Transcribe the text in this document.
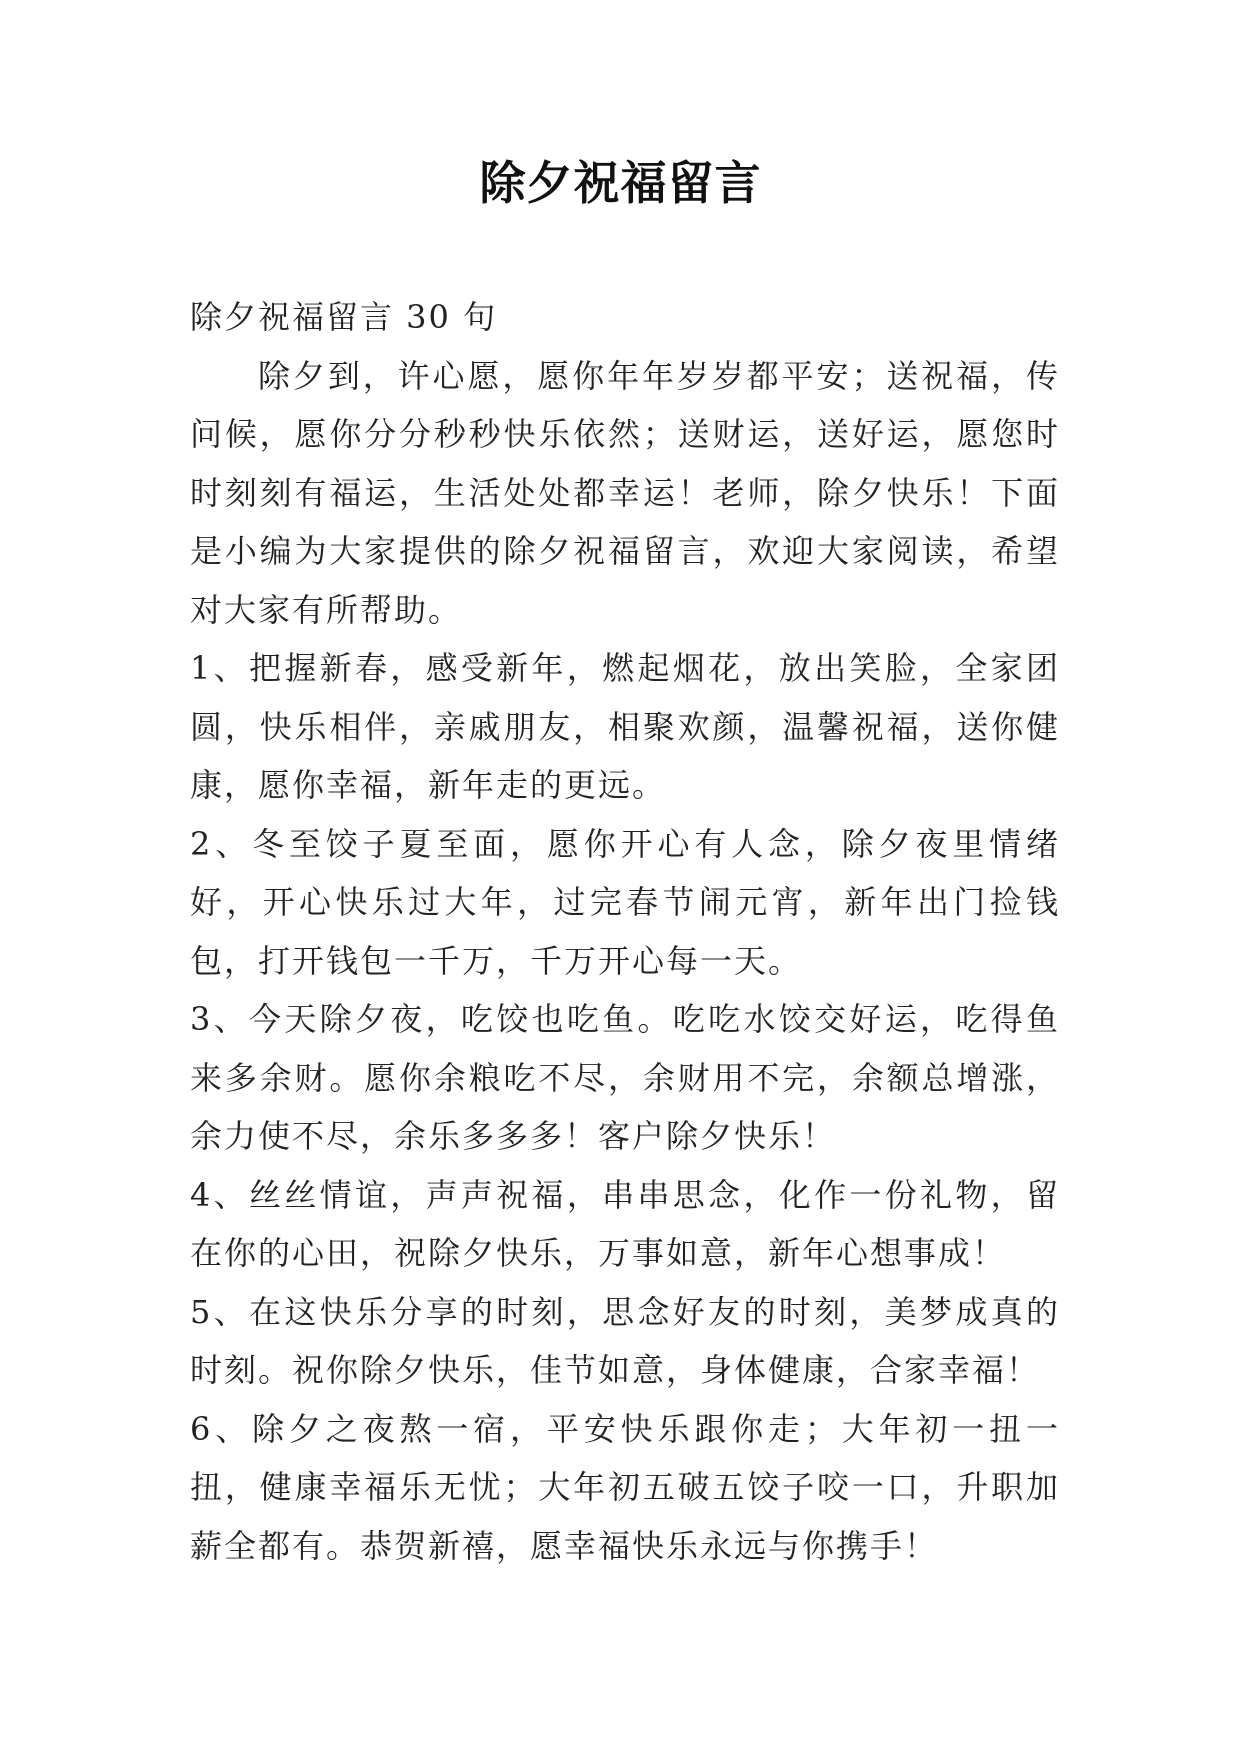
除夕祝福留言

除夕祝福留言 30 句

除夕到，许心愿，愿你年年岁岁都平安；送祝福，传问候，愿你分分秒秒快乐依然；送财运，送好运，愿您时时刻刻有福运，生活处处都幸运！老师，除夕快乐！下面是小编为大家提供的除夕祝福留言，欢迎大家阅读，希望对大家有所帮助。

1、把握新春，感受新年，燃起烟花，放出笑脸，全家团圆，快乐相伴，亲戚朋友，相聚欢颜，温馨祝福，送你健康，愿你幸福，新年走的更远。

2、冬至饺子夏至面，愿你开心有人念，除夕夜里情绪好，开心快乐过大年，过完春节闹元宵，新年出门捡钱包，打开钱包一千万，千万开心每一天。

3、今天除夕夜，吃饺也吃鱼。吃吃水饺交好运，吃得鱼来多余财。愿你余粮吃不尽，余财用不完，余额总增涨，余力使不尽，余乐多多多！客户除夕快乐！

4、丝丝情谊，声声祝福，串串思念，化作一份礼物，留在你的心田，祝除夕快乐，万事如意，新年心想事成！

5、在这快乐分享的时刻，思念好友的时刻，美梦成真的时刻。祝你除夕快乐，佳节如意，身体健康，合家幸福！

6、除夕之夜熬一宿，平安快乐跟你走；大年初一扭一扭，健康幸福乐无忧；大年初五破五饺子咬一口，升职加薪全都有。恭贺新禧，愿幸福快乐永远与你携手！
